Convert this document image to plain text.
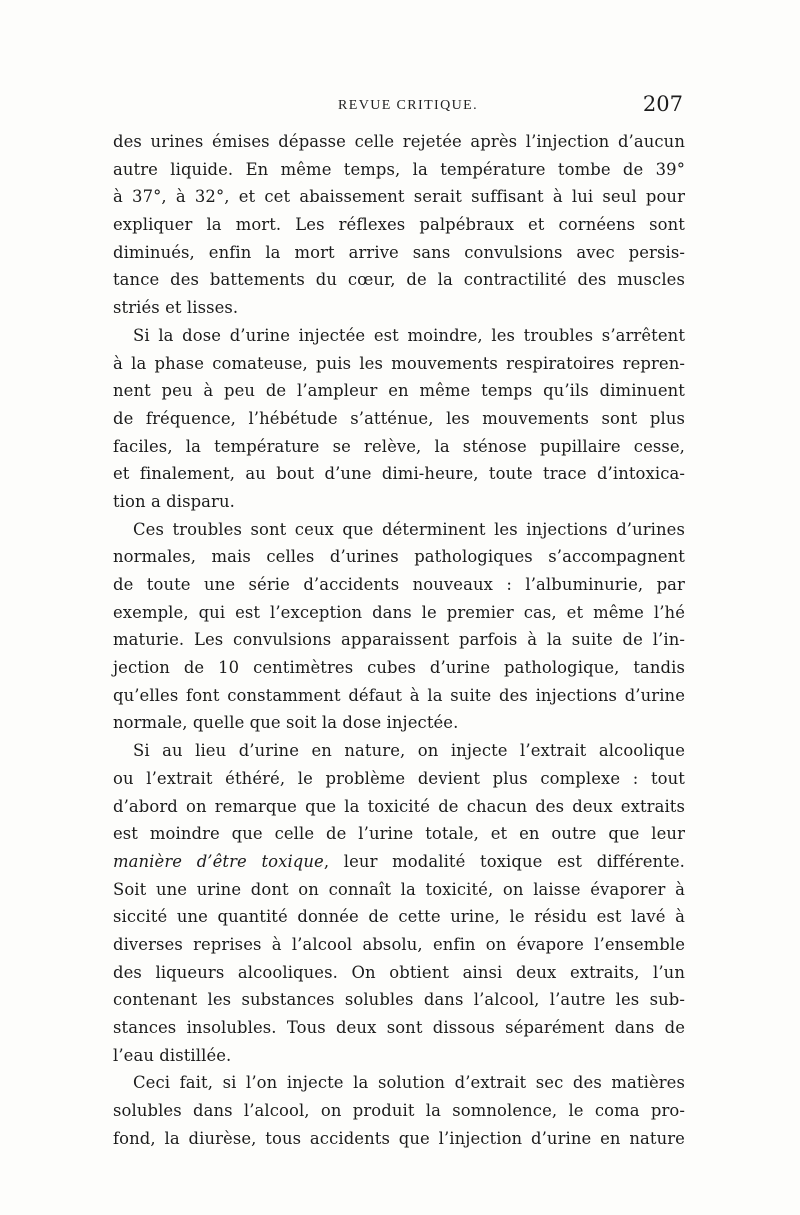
REVUE CRITIQUE.	207
des urines émises dépasse celle rejetée après l’injection d’aucun
autre liquide. En même temps, la température tombe de 39°
à 37°, à 32°, et cet abaissement serait suffisant à lui seul pour
expliquer la mort. Les réflexes palpébraux et cornéens sont
diminués, enfin la mort arrive sans convulsions avec persis-
tance des battements du cœur, de la contractilité des muscles
striés et lisses.
Si la dose d’urine injectée est moindre, les troubles s’arrêtent
à la phase comateuse, puis les mouvements respiratoires repren-
nent peu à peu de l’ampleur en même temps qu’ils diminuent
de fréquence, l’hébétude s’atténue, les mouvements sont plus
faciles, la température se relève, la sténose pupillaire cesse,
et finalement, au bout d’une dimi-heure, toute trace d’intoxica-
tion a disparu.
Ces troubles sont ceux que déterminent les injections d’urines
normales, mais celles d’urines pathologiques s’accompagnent
de toute une série d’accidents nouveaux : l’albuminurie, par
exemple, qui est l’exception dans le premier cas, et même l’hé
maturie. Les convulsions apparaissent parfois à la suite de l’in-
jection de 10 centimètres cubes d’urine pathologique, tandis
qu’elles font constamment défaut à la suite des injections d’urine
normale, quelle que soit la dose injectée.
Si au lieu d’urine en nature, on injecte l’extrait alcoolique
ou l’extrait éthéré, le problème devient plus complexe : tout
d’abord on remarque que la toxicité de chacun des deux extraits
est moindre que celle de l’urine totale, et en outre que leur
manière d’être toxique, leur modalité toxique est différente.
Soit une urine dont on connaît la toxicité, on laisse évaporer à
siccité une quantité donnée de cette urine, le résidu est lavé à
diverses reprises à l’alcool absolu, enfin on évapore l’ensemble
des liqueurs alcooliques. On obtient ainsi deux extraits, l’un
contenant les substances solubles dans l’alcool, l’autre les sub-
stances insolubles. Tous deux sont dissous séparément dans de
l’eau distillée.
Ceci fait, si l’on injecte la solution d’extrait sec des matières
solubles dans l’alcool, on produit la somnolence, le coma pro-
fond, la diurèse, tous accidents que l’injection d’urine en nature
